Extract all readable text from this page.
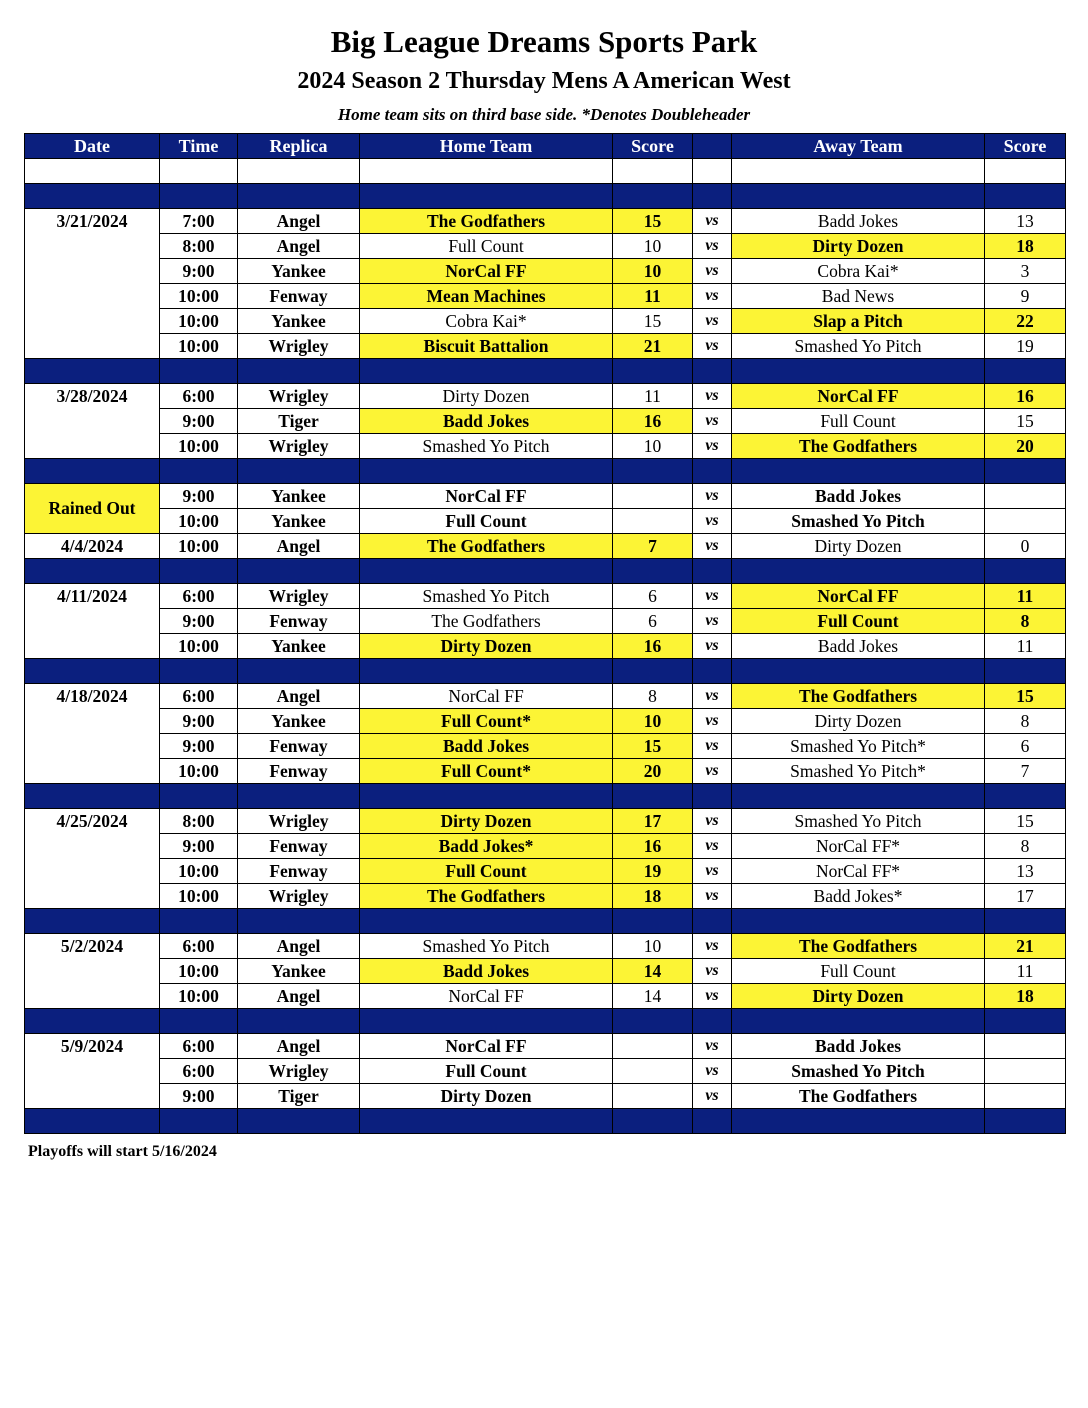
Big League Dreams Sports Park
2024 Season 2 Thursday Mens A American West
Home team sits on third base side. *Denotes Doubleheader
Date	Time	Replica	Home Team	Score		Away Team	Score

3/21/2024	7:00	Angel	The Godfathers	15	vs	Badd Jokes	13
	8:00	Angel	Full Count	10	vs	Dirty Dozen	18
	9:00	Yankee	NorCal FF	10	vs	Cobra Kai*	3
	10:00	Fenway	Mean Machines	11	vs	Bad News	9
	10:00	Yankee	Cobra Kai*	15	vs	Slap a Pitch	22
	10:00	Wrigley	Biscuit Battalion	21	vs	Smashed Yo Pitch	19

3/28/2024	6:00	Wrigley	Dirty Dozen	11	vs	NorCal FF	16
	9:00	Tiger	Badd Jokes	16	vs	Full Count	15
	10:00	Wrigley	Smashed Yo Pitch	10	vs	The Godfathers	20

Rained Out	9:00	Yankee	NorCal FF		vs	Badd Jokes	
	10:00	Yankee	Full Count		vs	Smashed Yo Pitch	
4/4/2024	10:00	Angel	The Godfathers	7	vs	Dirty Dozen	0

4/11/2024	6:00	Wrigley	Smashed Yo Pitch	6	vs	NorCal FF	11
	9:00	Fenway	The Godfathers	6	vs	Full Count	8
	10:00	Yankee	Dirty Dozen	16	vs	Badd Jokes	11

4/18/2024	6:00	Angel	NorCal FF	8	vs	The Godfathers	15
	9:00	Yankee	Full Count*	10	vs	Dirty Dozen	8
	9:00	Fenway	Badd Jokes	15	vs	Smashed Yo Pitch*	6
	10:00	Fenway	Full Count*	20	vs	Smashed Yo Pitch*	7

4/25/2024	8:00	Wrigley	Dirty Dozen	17	vs	Smashed Yo Pitch	15
	9:00	Fenway	Badd Jokes*	16	vs	NorCal FF*	8
	10:00	Fenway	Full Count	19	vs	NorCal FF*	13
	10:00	Wrigley	The Godfathers	18	vs	Badd Jokes*	17

5/2/2024	6:00	Angel	Smashed Yo Pitch	10	vs	The Godfathers	21
	10:00	Yankee	Badd Jokes	14	vs	Full Count	11
	10:00	Angel	NorCal FF	14	vs	Dirty Dozen	18

5/9/2024	6:00	Angel	NorCal FF		vs	Badd Jokes	
	6:00	Wrigley	Full Count		vs	Smashed Yo Pitch	
	9:00	Tiger	Dirty Dozen		vs	The Godfathers	

Playoffs will start 5/16/2024
